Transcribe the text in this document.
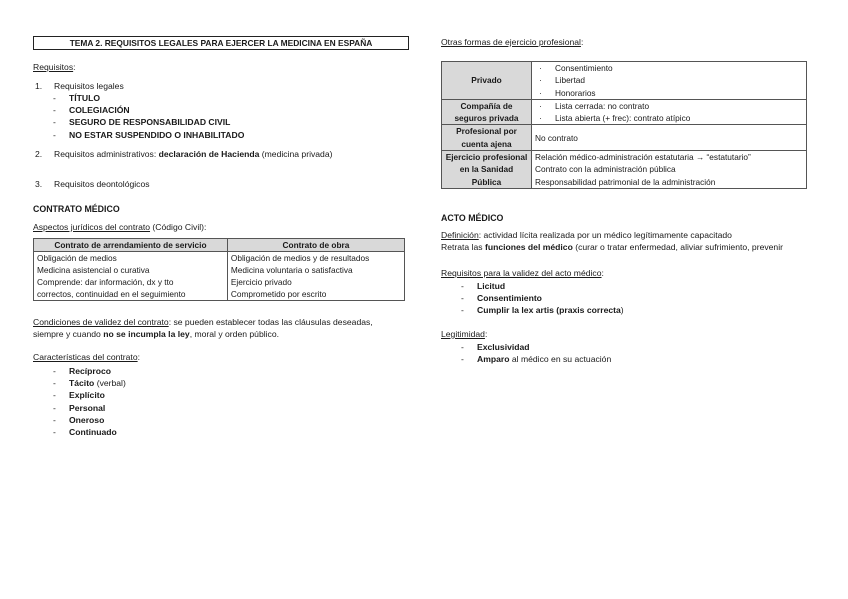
TEMA 2. REQUISITOS LEGALES PARA EJERCER LA MEDICINA EN ESPAÑA

Requisitos:

1. Requisitos legales
- TÍTULO
- COLEGIACIÓN
- SEGURO DE RESPONSABILIDAD CIVIL
- NO ESTAR SUSPENDIDO O INHABILITADO
2. Requisitos administrativos: declaración de Hacienda (medicina privada)
3. Requisitos deontológicos
CONTRATO MÉDICO

Aspectos jurídicos del contrato (Código Civil):

Contrato de arrendamiento de servicio	Contrato de obra
Obligación de medios	Obligación de medios y de resultados
Medicina asistencial o curativa	Medicina voluntaria o satisfactiva
Comprende: dar información, dx y tto	Ejercicio privado
correctos, continuidad en el seguimiento	Comprometido por escrito

Condiciones de validez del contrato: se pueden establecer todas las cláusulas deseadas,
siempre y cuando no se incumpla la ley, moral y orden público.

Características del contrato:

- Recíproco
- Tácito (verbal)
- Explícito
- Personal
- Oneroso
- Continuado

Otras formas de ejercicio profesional:

Privado	· Consentimiento
· Libertad
· Honorarios

Compañía de seguros privada	· Lista cerrada: no contrato
· Lista abierta (+ frec): contrato atípico

Profesional por cuenta ajena	No contrato
Ejercicio profesional en la Sanidad Pública	Relación médico-administración estatutaria → “estatutario”
Contrato con la administración pública
Responsabilidad patrimonial de la administración
ACTO MÉDICO

Definición: actividad lícita realizada por un médico legítimamente capacitado

Retrata las funciones del médico (curar o tratar enfermedad, aliviar sufrimiento, prevenir

Requisitos para la validez del acto médico:

- Licitud
- Consentimiento
- Cumplir la lex artis (praxis correcta)

Legitimidad:

- Exclusividad
- Amparo al médico en su actuación
